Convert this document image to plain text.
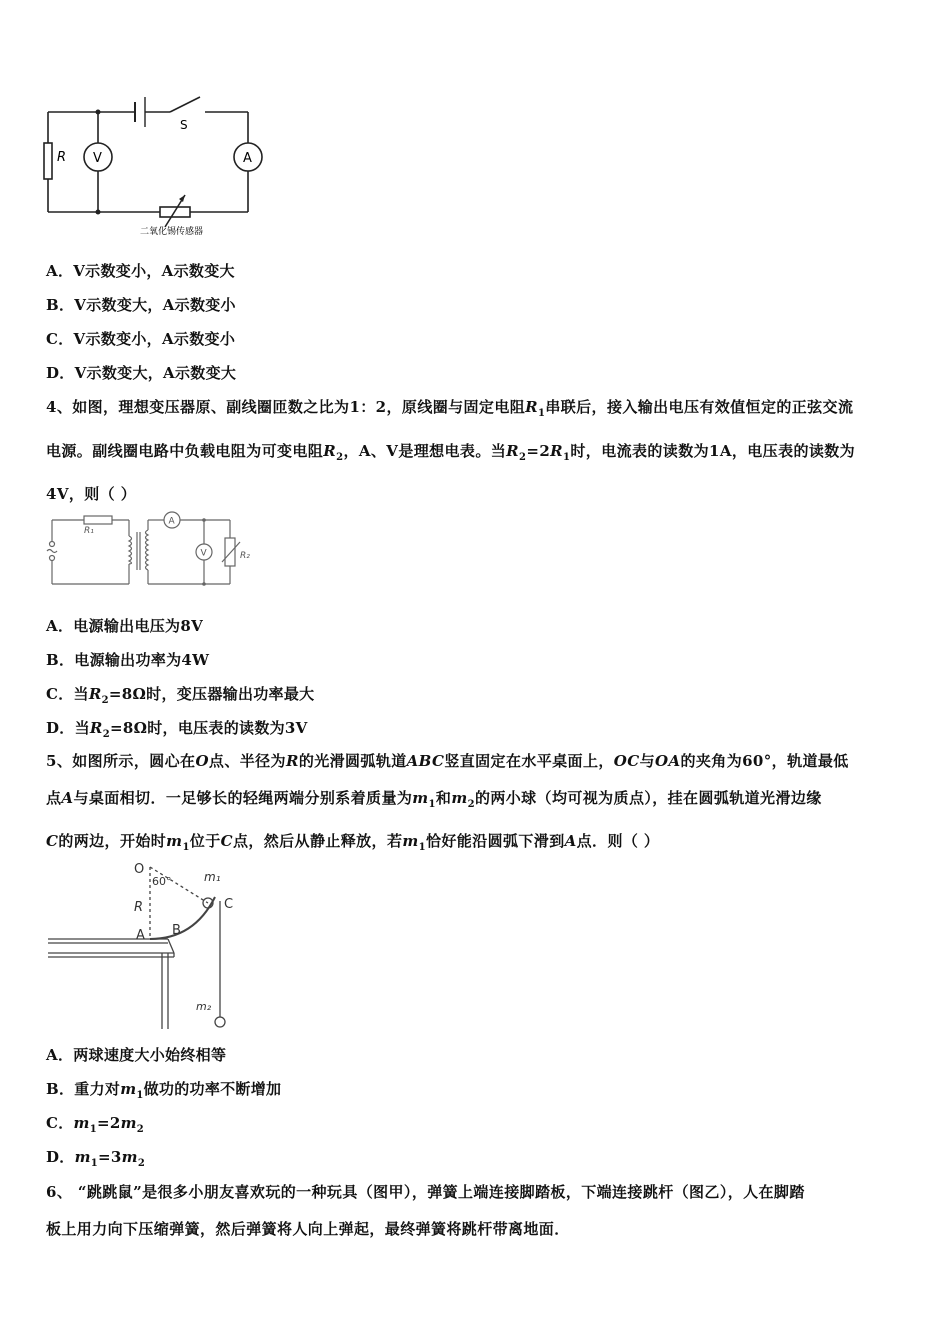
R V	A
S
二氧化锡传感器
A．V示数变小，A示数变大
B．V示数变大，A示数变小
C．V示数变小，A示数变小
D．V示数变大，A示数变大
4、如图，理想变压器原、副线圈匝数之比为1：2，原线圈与固定电阻$R_1$串联后，接入输出电压有效值恒定的正弦交流
电源。副线圈电路中负载电阻为可变电阻$R_2$，A、V是理想电表。当$R_2=2R_1$时，电流表的读数为1A，电压表的读数为
4V，则（ ）
R₁
A
V	R₂
A．电源输出电压为8V
B．电源输出功率为4W
C．当$R_2=8\Omega$时，变压器输出功率最大
D．当$R_2=8\Omega$时，电压表的读数为3V
5、如图所示，圆心在O点、半径为R的光滑圆弧轨道ABC竖直固定在水平桌面上，OC与OA的夹角为60°，轨道最低
点A与桌面相切．一足够长的轻绳两端分别系着质量为$m_1$和$m_2$的两小球（均可视为质点），挂在圆弧轨道光滑边缘
C的两边，开始时$m_1$位于C点，然后从静止释放，若$m_1$恰好能沿圆弧下滑到A点．则（ ）
O
60°	m₁
C
R
B
A
m₂
A．两球速度大小始终相等
B．重力对$m_1$做功的功率不断增加
C．$m_1=2m_2$
D．$m_1=3m_2$
6、 “跳跳鼠”是很多小朋友喜欢玩的一种玩具（图甲），弹簧上端连接脚踏板，下端连接跳杆（图乙），人在脚踏
板上用力向下压缩弹簧，然后弹簧将人向上弹起，最终弹簧将跳杆带离地面．
